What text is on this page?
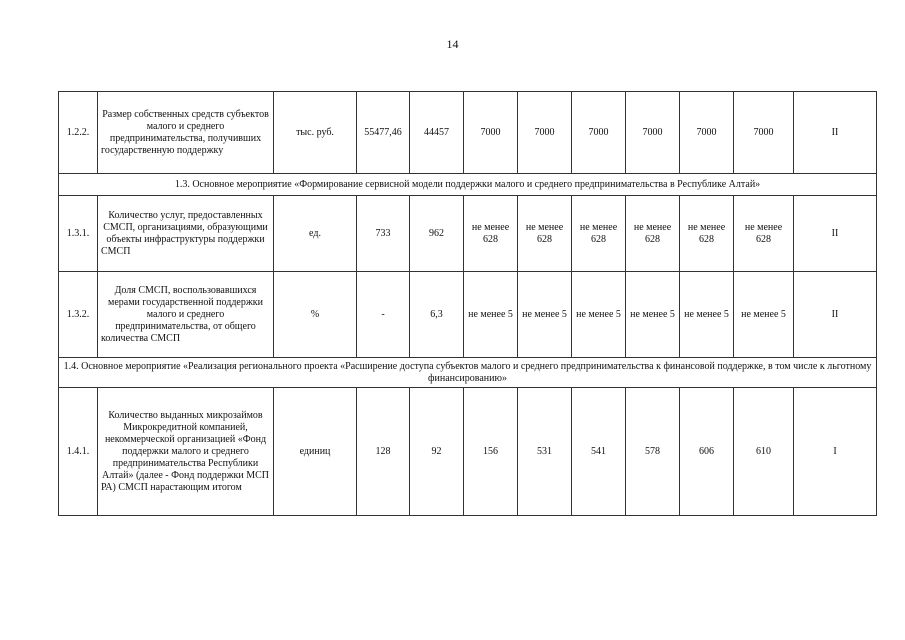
14
1.2.2.	Размер собственных средств субъектов малого и среднего предпринимательства, получивших государственную поддержку	тыс. руб.	55477,46	44457	7000	7000	7000	7000	7000	7000	II
1.3. Основное мероприятие «Формирование сервисной модели поддержки малого и среднего предпринимательства в Республике Алтай»											
1.3.1.	Количество услуг, предоставленных СМСП, организациями, образующими объекты инфраструктуры поддержки СМСП	ед.	733	962	не менее 628	не менее 628	не менее 628	не менее 628	не менее 628	не менее 628	II
1.3.2.	Доля СМСП, воспользовавшихся мерами государственной поддержки малого и среднего предпринимательства, от общего количества СМСП	%	-	6,3	не менее 5	не менее 5	не менее 5	не менее 5	не менее 5	не менее 5	II
1.4. Основное мероприятие «Реализация регионального проекта «Расширение доступа субъектов малого и среднего предпринимательства к финансовой поддержке, в том числе к льготному финансированию»											
1.4.1.	Количество выданных микрозаймов Микрокредитной компанией, некоммерческой организацией «Фонд поддержки малого и среднего предпринимательства Республики Алтай» (далее - Фонд поддержки МСП РА) СМСП нарастающим итогом	единиц	128	92	156	531	541	578	606	610	I
